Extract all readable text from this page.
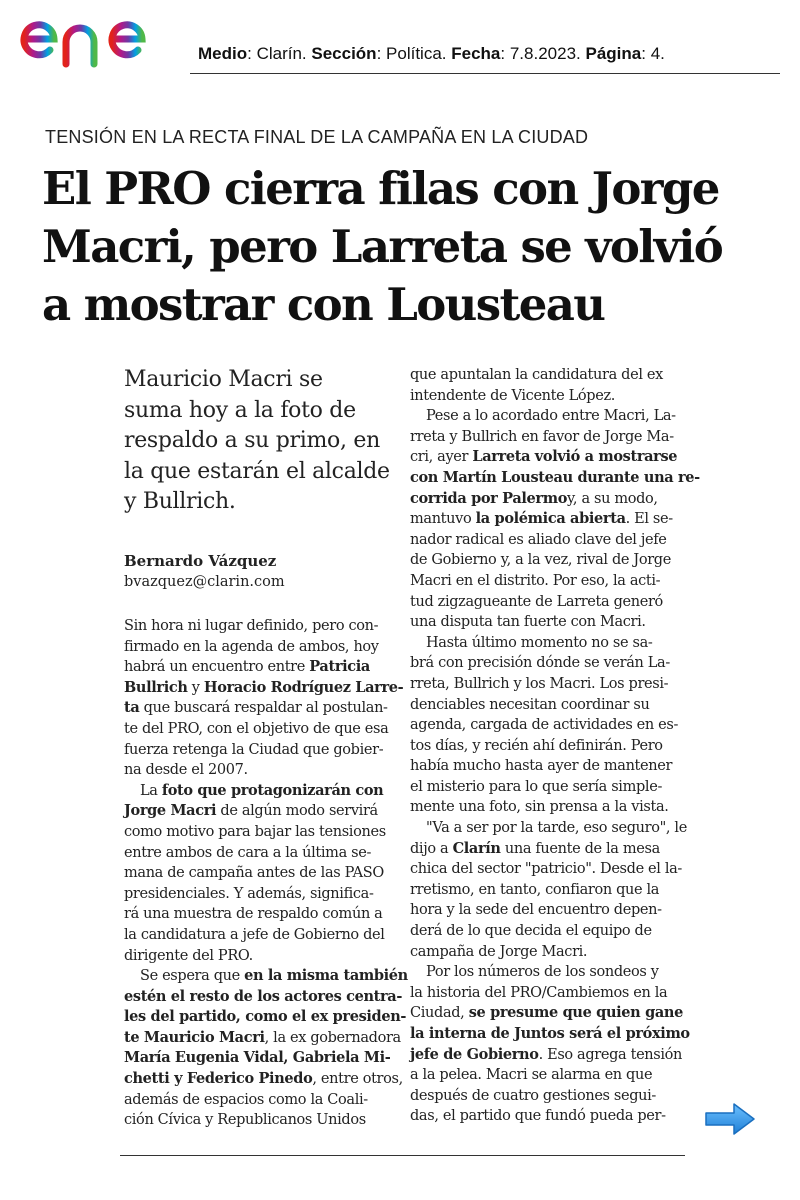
Medio: Clarín. Sección: Política. Fecha: 7.8.2023. Página: 4.
TENSIÓN EN LA RECTA FINAL DE LA CAMPAÑA EN LA CIUDAD
El PRO cierra filas con Jorge
Macri, pero Larreta se volvió
a mostrar con Lousteau
Mauricio Macri se
suma hoy a la foto de
respaldo a su primo, en
la que estarán el alcalde
y Bullrich.
Bernardo Vázquez
bvazquez@clarin.com
Sin hora ni lugar definido, pero con-
firmado en la agenda de ambos, hoy
habrá un encuentro entre Patricia
Bullrich y Horacio Rodríguez Larre-
ta que buscará respaldar al postulan-
te del PRO, con el objetivo de que esa
fuerza retenga la Ciudad que gobier-
na desde el 2007.
La foto que protagonizarán con
Jorge Macri de algún modo servirá
como motivo para bajar las tensiones
entre ambos de cara a la última se-
mana de campaña antes de las PASO
presidenciales. Y además, significa-
rá una muestra de respaldo común a
la candidatura a jefe de Gobierno del
dirigente del PRO.
Se espera que en la misma también
estén el resto de los actores centra-
les del partido, como el ex presiden-
te Mauricio Macri, la ex gobernadora
María Eugenia Vidal, Gabriela Mi-
chetti y Federico Pinedo, entre otros,
además de espacios como la Coali-
ción Cívica y Republicanos Unidos
que apuntalan la candidatura del ex
intendente de Vicente López.
Pese a lo acordado entre Macri, La-
rreta y Bullrich en favor de Jorge Ma-
cri, ayer Larreta volvió a mostrarse
con Martín Lousteau durante una re-
corrida por Palermoy, a su modo,
mantuvo la polémica abierta. El se-
nador radical es aliado clave del jefe
de Gobierno y, a la vez, rival de Jorge
Macri en el distrito. Por eso, la acti-
tud zigzagueante de Larreta generó
una disputa tan fuerte con Macri.
Hasta último momento no se sa-
brá con precisión dónde se verán La-
rreta, Bullrich y los Macri. Los presi-
denciables necesitan coordinar su
agenda, cargada de actividades en es-
tos días, y recién ahí definirán. Pero
había mucho hasta ayer de mantener
el misterio para lo que sería simple-
mente una foto, sin prensa a la vista.
"Va a ser por la tarde, eso seguro", le
dijo a Clarín una fuente de la mesa
chica del sector "patricio". Desde el la-
rretismo, en tanto, confiaron que la
hora y la sede del encuentro depen-
derá de lo que decida el equipo de
campaña de Jorge Macri.
Por los números de los sondeos y
la historia del PRO/Cambiemos en la
Ciudad, se presume que quien gane
la interna de Juntos será el próximo
jefe de Gobierno. Eso agrega tensión
a la pelea. Macri se alarma en que
después de cuatro gestiones segui-
das, el partido que fundó pueda per-
